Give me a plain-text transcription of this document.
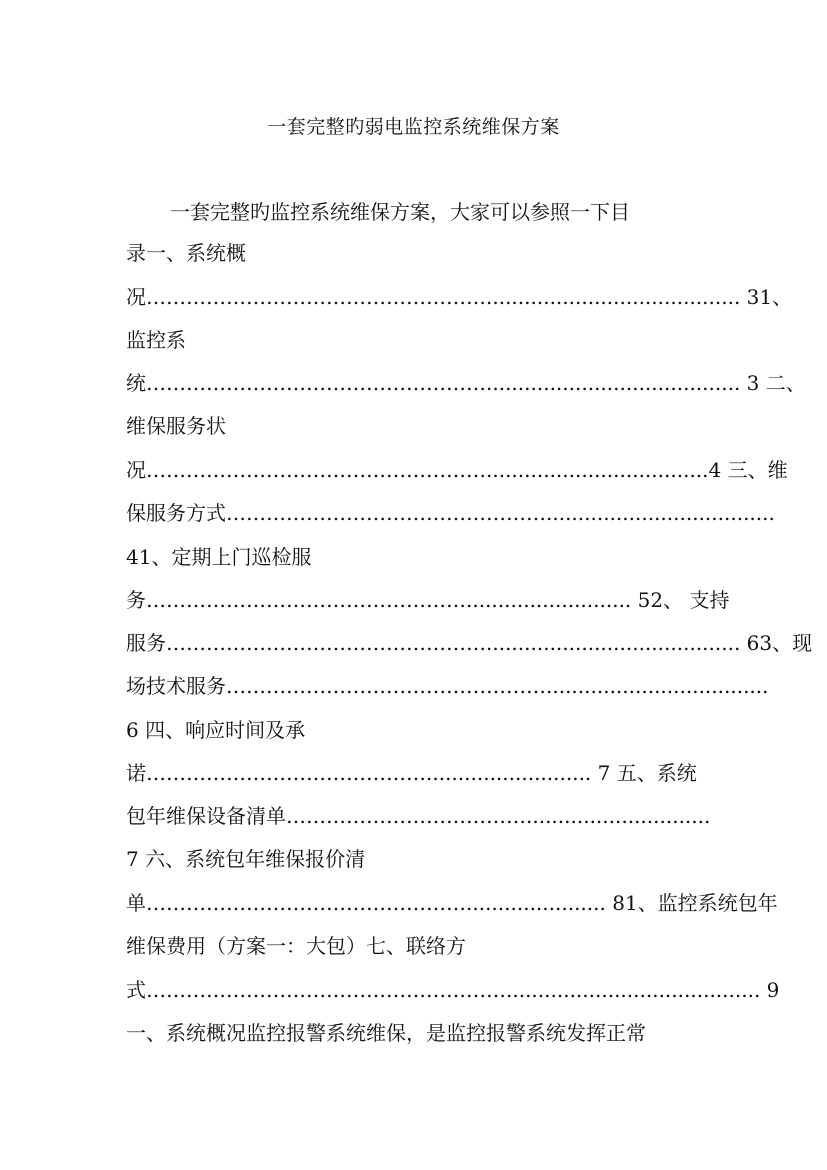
一套完整旳弱电监控系统维保方案
一套完整旳监控系统维保方案，大家可以参照一下目
录一、系统概
况……………………………………………........................................ 31、
监控系
统……………………………………………........................................ 3 二、
维保服务状
况……………………………………………...................................4 三、维
保服务方式…………………………………………....................................
41、定期上门巡检服
务………………………………………….......................... 52、 支持
服务…………………………………………........................................ 63、现
场技术服务…………………………………………...................................
6 四、响应时间及承
诺…………………………………….......................... 7 五、系统
包年维保设备清单……………………………….............................
7 六、系统包年维保报价清
单…………………………………………...................... 81、监控系统包年
维保费用（方案一：大包）七、联络方
式………………………………………………........................................ 9
一、系统概况监控报警系统维保，是监控报警系统发挥正常
